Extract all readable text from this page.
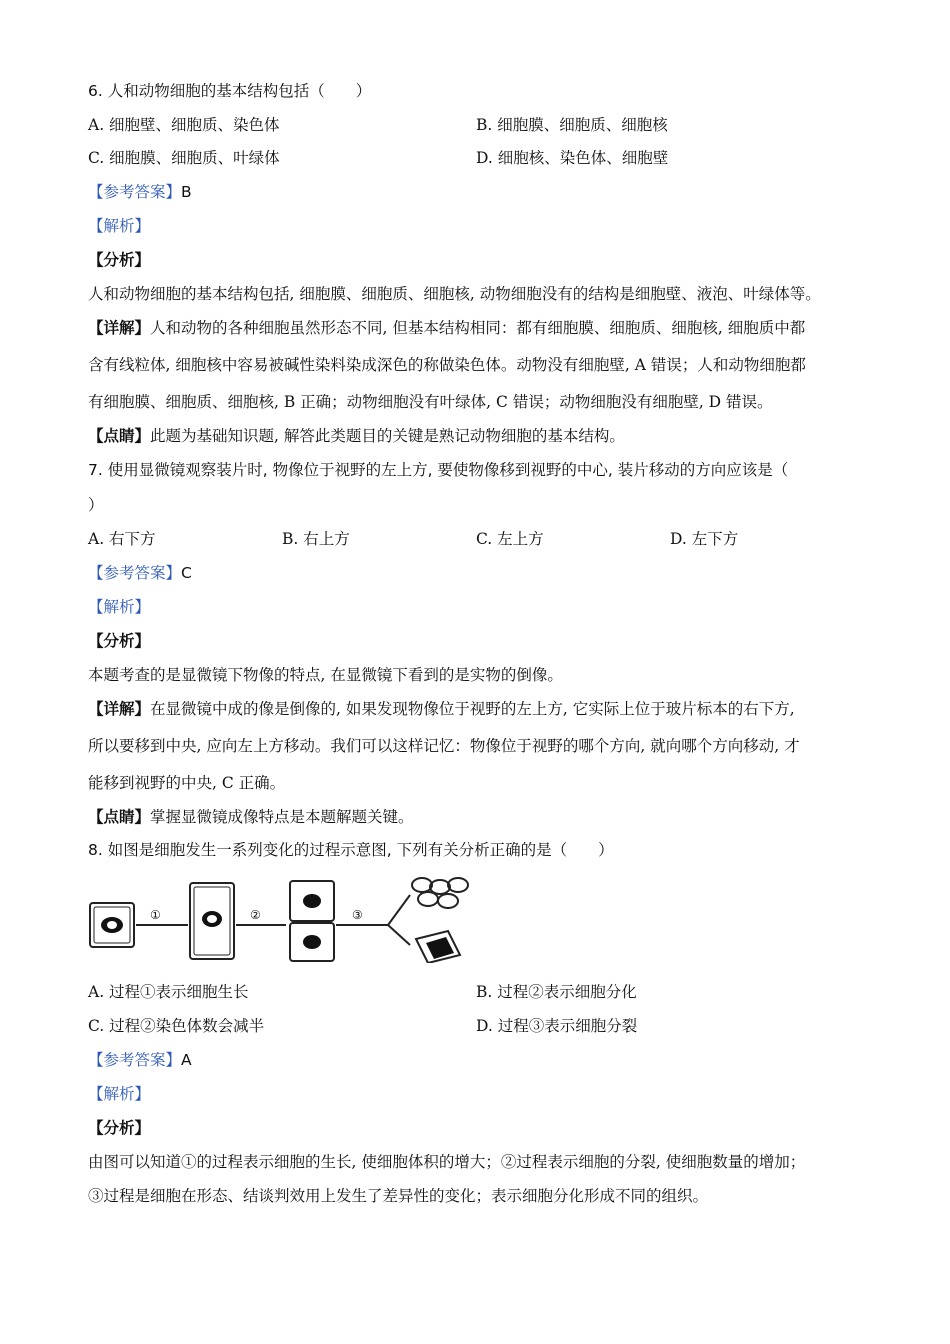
6. 人和动物细胞的基本结构包括（　　）
A. 细胞壁、细胞质、染色体	B. 细胞膜、细胞质、细胞核
C. 细胞膜、细胞质、叶绿体	D. 细胞核、染色体、细胞壁
【参考答案】B
【解析】
【分析】
人和动物细胞的基本结构包括, 细胞膜、细胞质、细胞核, 动物细胞没有的结构是细胞壁、液泡、叶绿体等。
【详解】人和动物的各种细胞虽然形态不同, 但基本结构相同：都有细胞膜、细胞质、细胞核, 细胞质中都
含有线粒体, 细胞核中容易被碱性染料染成深色的称做染色体。动物没有细胞壁, A 错误；人和动物细胞都
有细胞膜、细胞质、细胞核, B 正确；动物细胞没有叶绿体, C 错误；动物细胞没有细胞壁, D 错误。
【点睛】此题为基础知识题, 解答此类题目的关键是熟记动物细胞的基本结构。
7. 使用显微镜观察装片时, 物像位于视野的左上方, 要使物像移到视野的中心, 装片移动的方向应该是（
）
A. 右下方	B. 右上方	C. 左上方	D. 左下方
【参考答案】C
【解析】
【分析】
本题考查的是显微镜下物像的特点, 在显微镜下看到的是实物的倒像。
【详解】在显微镜中成的像是倒像的, 如果发现物像位于视野的左上方, 它实际上位于玻片标本的右下方,
所以要移到中央, 应向左上方移动。我们可以这样记忆：物像位于视野的哪个方向, 就向哪个方向移动, 才
能移到视野的中央, C 正确。
【点睛】掌握显微镜成像特点是本题解题关键。
8. 如图是细胞发生一系列变化的过程示意图, 下列有关分析正确的是（　　）
①	②	③
A. 过程①表示细胞生长	B. 过程②表示细胞分化
C. 过程②染色体数会减半	D. 过程③表示细胞分裂
【参考答案】A
【解析】
【分析】
由图可以知道①的过程表示细胞的生长, 使细胞体积的增大；②过程表示细胞的分裂, 使细胞数量的增加；
③过程是细胞在形态、结谈判效用上发生了差异性的变化；表示细胞分化形成不同的组织。
